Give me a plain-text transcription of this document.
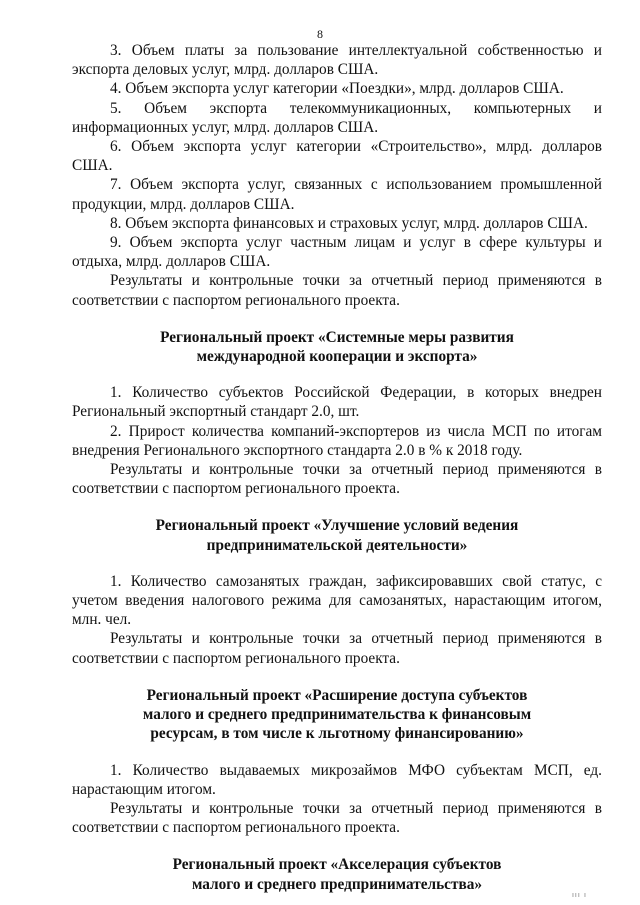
8

3. Объем платы за пользование интеллектуальной собственностью и экспорта деловых услуг, млрд. долларов США.

4. Объем экспорта услуг категории «Поездки», млрд. долларов США.

5. Объем экспорта телекоммуникационных, компьютерных и информационных услуг, млрд. долларов США.

6. Объем экспорта услуг категории «Строительство», млрд. долларов США.

7. Объем экспорта услуг, связанных с использованием промышленной продукции, млрд. долларов США.

8. Объем экспорта финансовых и страховых услуг, млрд. долларов США.

9. Объем экспорта услуг частным лицам и услуг в сфере культуры и отдыха, млрд. долларов США.

Результаты и контрольные точки за отчетный период применяются в соответствии с паспортом регионального проекта.

Региональный проект «Системные меры развития

международной кооперации и экспорта»

1. Количество субъектов Российской Федерации, в которых внедрен Региональный экспортный стандарт 2.0, шт.

2. Прирост количества компаний-экспортеров из числа МСП по итогам внедрения Регионального экспортного стандарта 2.0 в % к 2018 году.

Результаты и контрольные точки за отчетный период применяются в соответствии с паспортом регионального проекта.

Региональный проект «Улучшение условий ведения

предпринимательской деятельности»

1. Количество самозанятых граждан, зафиксировавших свой статус, с учетом введения налогового режима для самозанятых, нарастающим итогом, млн. чел.

Результаты и контрольные точки за отчетный период применяются в соответствии с паспортом регионального проекта.

Региональный проект «Расширение доступа субъектов

малого и среднего предпринимательства к финансовым

ресурсам, в том числе к льготному финансированию»

1. Количество выдаваемых микрозаймов МФО субъектам МСП, ед. нарастающим итогом.

Результаты и контрольные точки за отчетный период применяются в соответствии с паспортом регионального проекта.

Региональный проект «Акселерация субъектов

малого и среднего предпринимательства»

ııı ı
